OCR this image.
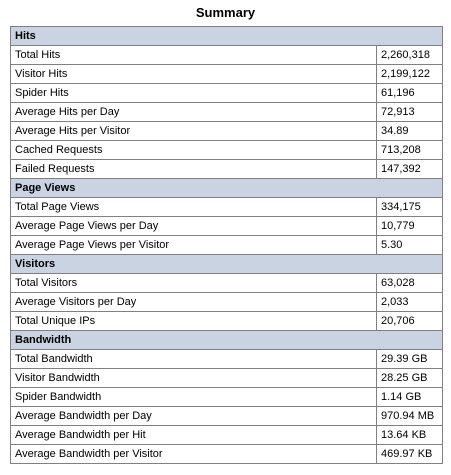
Summary
Hits	
Total Hits	2,260,318
Visitor Hits	2,199,122
Spider Hits	61,196
Average Hits per Day	72,913
Average Hits per Visitor	34.89
Cached Requests	713,208
Failed Requests	147,392
Page Views	
Total Page Views	334,175
Average Page Views per Day	10,779
Average Page Views per Visitor	5.30
Visitors	
Total Visitors	63,028
Average Visitors per Day	2,033
Total Unique IPs	20,706
Bandwidth	
Total Bandwidth	29.39 GB
Visitor Bandwidth	28.25 GB
Spider Bandwidth	1.14 GB
Average Bandwidth per Day	970.94 MB
Average Bandwidth per Hit	13.64 KB
Average Bandwidth per Visitor	469.97 KB
